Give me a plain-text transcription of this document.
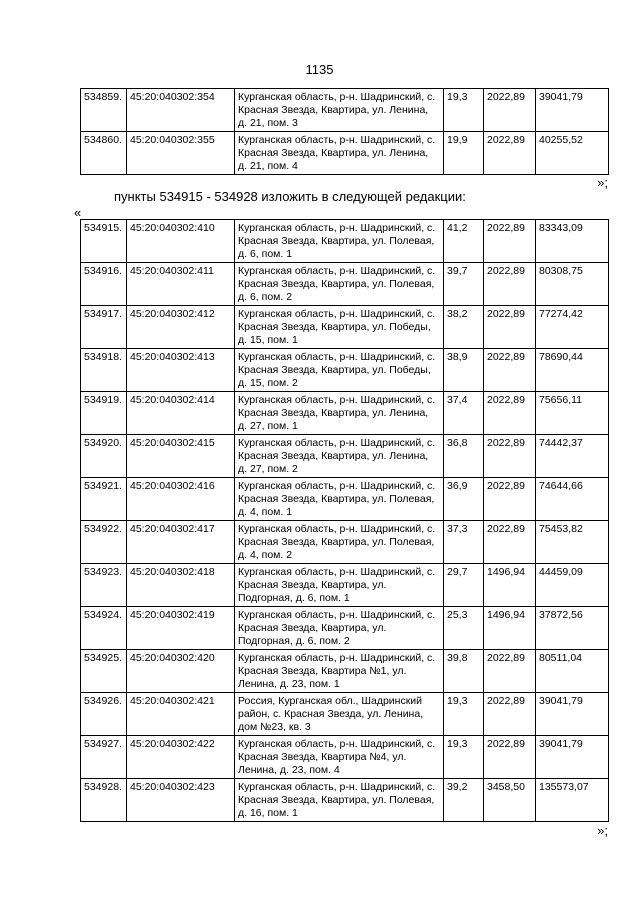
1135
534859.	45:20:040302:354	Курганская область, р-н. Шадринский, с. Красная Звезда, Квартира, ул. Ленина, д. 21, пом. 3	19,3	2022,89	39041,79
534860.	45:20:040302:355	Курганская область, р-н. Шадринский, с. Красная Звезда, Квартира, ул. Ленина, д. 21, пом. 4	19,9	2022,89	40255,52
»;
пункты 534915 - 534928 изложить в следующей редакции:
«
534915.	45:20:040302:410	Курганская область, р-н. Шадринский, с. Красная Звезда, Квартира, ул. Полевая, д. 6, пом. 1	41,2	2022,89	83343,09
534916.	45:20:040302:411	Курганская область, р-н. Шадринский, с. Красная Звезда, Квартира, ул. Полевая, д. 6, пом. 2	39,7	2022,89	80308,75
534917.	45:20:040302:412	Курганская область, р-н. Шадринский, с. Красная Звезда, Квартира, ул. Победы, д. 15, пом. 1	38,2	2022,89	77274,42
534918.	45:20:040302:413	Курганская область, р-н. Шадринский, с. Красная Звезда, Квартира, ул. Победы, д. 15, пом. 2	38,9	2022,89	78690,44
534919.	45:20:040302:414	Курганская область, р-н. Шадринский, с. Красная Звезда, Квартира, ул. Ленина, д. 27, пом. 1	37,4	2022,89	75656,11
534920.	45:20:040302:415	Курганская область, р-н. Шадринский, с. Красная Звезда, Квартира, ул. Ленина, д. 27, пом. 2	36,8	2022,89	74442,37
534921.	45:20:040302:416	Курганская область, р-н. Шадринский, с. Красная Звезда, Квартира, ул. Полевая, д. 4, пом. 1	36,9	2022,89	74644,66
534922.	45:20:040302:417	Курганская область, р-н. Шадринский, с. Красная Звезда, Квартира, ул. Полевая, д. 4, пом. 2	37,3	2022,89	75453,82
534923.	45:20:040302:418	Курганская область, р-н. Шадринский, с. Красная Звезда, Квартира, ул. Подгорная, д. 6, пом. 1	29,7	1496,94	44459,09
534924.	45:20:040302:419	Курганская область, р-н. Шадринский, с. Красная Звезда, Квартира, ул. Подгорная, д. 6, пом. 2	25,3	1496,94	37872,56
534925.	45:20:040302:420	Курганская область, р-н. Шадринский, с. Красная Звезда, Квартира №1, ул. Ленина, д. 23, пом. 1	39,8	2022,89	80511,04
534926.	45:20:040302:421	Россия, Курганская обл., Шадринский район, с. Красная Звезда, ул. Ленина, дом №23, кв. 3	19,3	2022,89	39041,79
534927.	45:20:040302:422	Курганская область, р-н. Шадринский, с. Красная Звезда, Квартира №4, ул. Ленина, д. 23, пом. 4	19,3	2022,89	39041,79
534928.	45:20:040302:423	Курганская область, р-н. Шадринский, с. Красная Звезда, Квартира, ул. Полевая, д. 16, пом. 1	39,2	3458,50	135573,07
»;
